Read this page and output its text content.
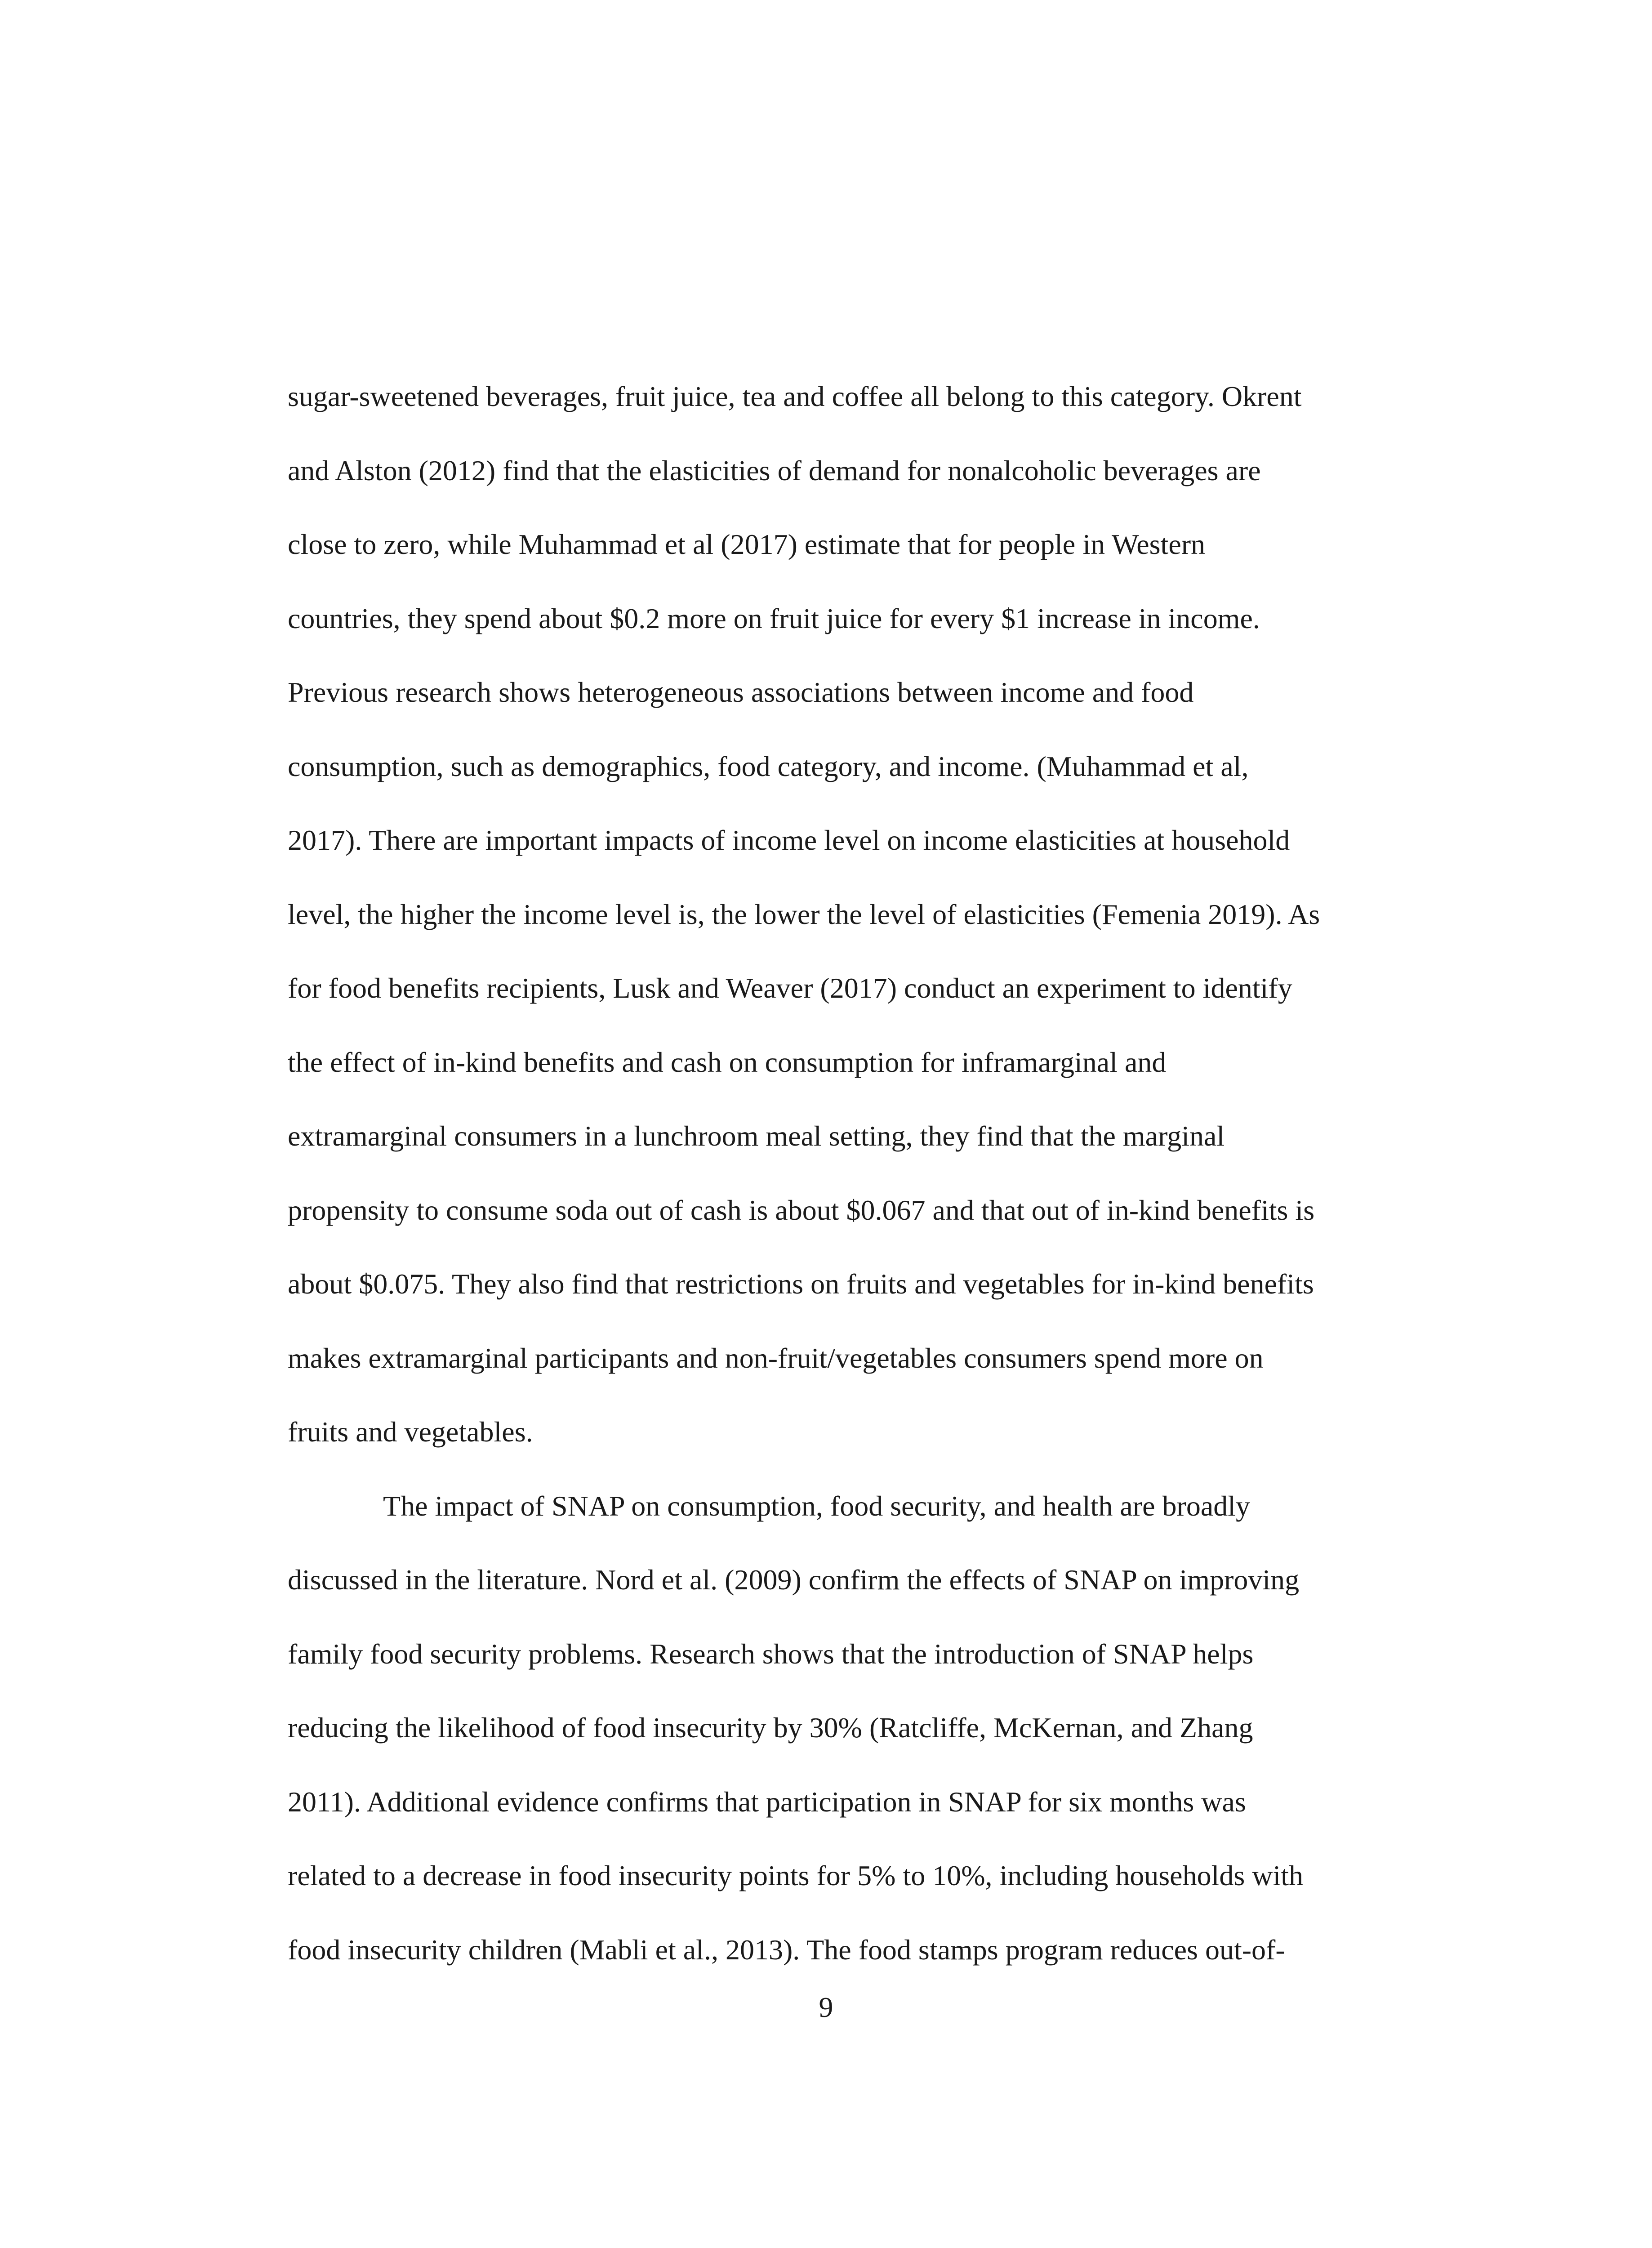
sugar-sweetened beverages, fruit juice, tea and coffee all belong to this category. Okrent
and Alston (2012) find that the elasticities of demand for nonalcoholic beverages are
close to zero, while Muhammad et al (2017) estimate that for people in Western
countries, they spend about $0.2 more on fruit juice for every $1 increase in income.
Previous research shows heterogeneous associations between income and food
consumption, such as demographics, food category, and income. (Muhammad et al,
2017). There are important impacts of income level on income elasticities at household
level, the higher the income level is, the lower the level of elasticities (Femenia 2019). As
for food benefits recipients, Lusk and Weaver (2017) conduct an experiment to identify
the effect of in-kind benefits and cash on consumption for inframarginal and
extramarginal consumers in a lunchroom meal setting, they find that the marginal
propensity to consume soda out of cash is about $0.067 and that out of in-kind benefits is
about $0.075. They also find that restrictions on fruits and vegetables for in-kind benefits
makes extramarginal participants and non-fruit/vegetables consumers spend more on
fruits and vegetables.
The impact of SNAP on consumption, food security, and health are broadly
discussed in the literature. Nord et al. (2009) confirm the effects of SNAP on improving
family food security problems. Research shows that the introduction of SNAP helps
reducing the likelihood of food insecurity by 30% (Ratcliffe, McKernan, and Zhang
2011). Additional evidence confirms that participation in SNAP for six months was
related to a decrease in food insecurity points for 5% to 10%, including households with
food insecurity children (Mabli et al., 2013). The food stamps program reduces out-of-
9
